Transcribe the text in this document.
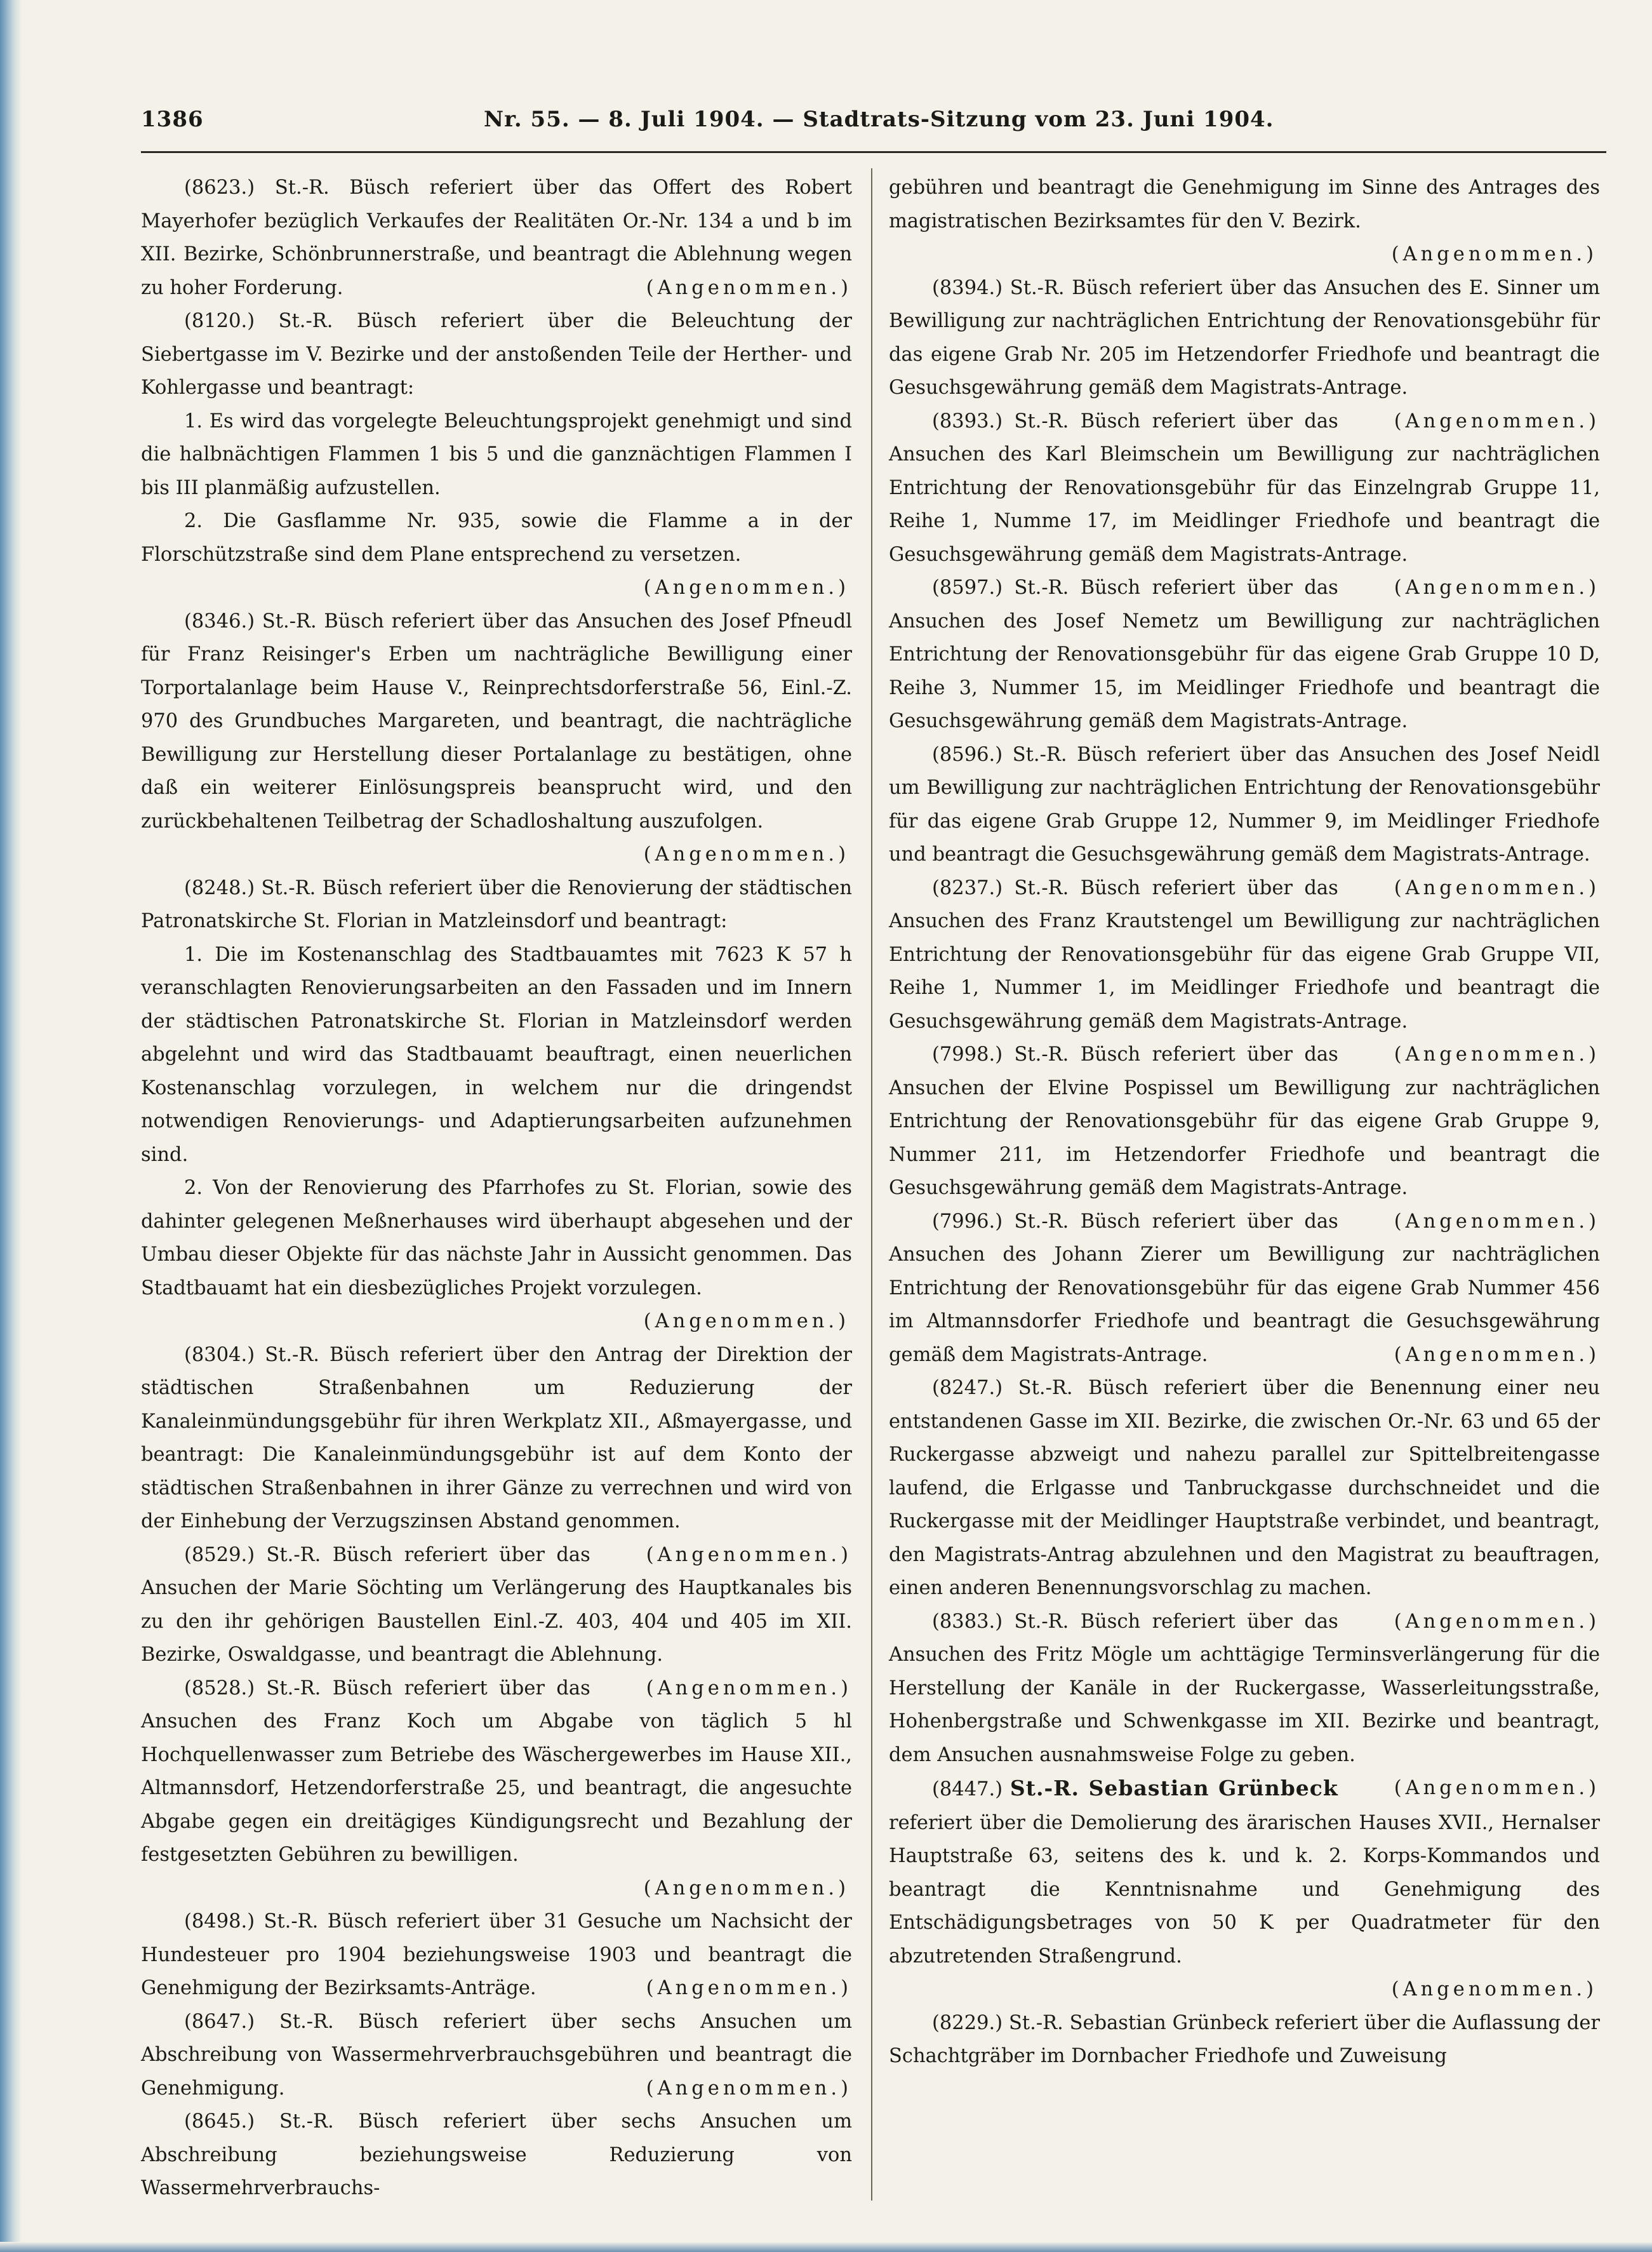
1386	Nr. 55. — 8. Juli 1904. — Stadtrats-Sitzung vom 23. Juni 1904.

(8623.) St.-R. Büsch referiert über das Offert des Robert Mayerhofer bezüglich Verkaufes der Realitäten Or.-Nr. 134 a und b im XII. Bezirke, Schönbrunnerstraße, und beantragt die Ablehnung wegen zu hoher Forderung.	(Angenommen.)

(8120.) St.-R. Büsch referiert über die Beleuchtung der Siebertgasse im V. Bezirke und der anstoßenden Teile der Herther- und Kohlergasse und beantragt:

1. Es wird das vorgelegte Beleuchtungsprojekt genehmigt und sind die halbnächtigen Flammen 1 bis 5 und die ganznächtigen Flammen I bis III planmäßig aufzustellen.

2. Die Gasflamme Nr. 935, sowie die Flamme a in der Florschützstraße sind dem Plane entsprechend zu versetzen.

(Angenommen.)

(8346.) St.-R. Büsch referiert über das Ansuchen des Josef Pfneudl für Franz Reisinger's Erben um nachträgliche Bewilligung einer Torportalanlage beim Hause V., Reinprechtsdorferstraße 56, Einl.-Z. 970 des Grundbuches Margareten, und beantragt, die nachträgliche Bewilligung zur Herstellung dieser Portalanlage zu bestätigen, ohne daß ein weiterer Einlösungspreis beansprucht wird, und den zurückbehaltenen Teilbetrag der Schadloshaltung auszufolgen.

(Angenommen.)

(8248.) St.-R. Büsch referiert über die Renovierung der städtischen Patronatskirche St. Florian in Matzleinsdorf und beantragt:

1. Die im Kostenanschlag des Stadtbauamtes mit 7623 K 57 h veranschlagten Renovierungsarbeiten an den Fassaden und im Innern der städtischen Patronatskirche St. Florian in Matzleinsdorf werden abgelehnt und wird das Stadtbauamt beauftragt, einen neuerlichen Kostenanschlag vorzulegen, in welchem nur die dringendst notwendigen Renovierungs- und Adaptierungsarbeiten aufzunehmen sind.

2. Von der Renovierung des Pfarrhofes zu St. Florian, sowie des dahinter gelegenen Meßnerhauses wird überhaupt abgesehen und der Umbau dieser Objekte für das nächste Jahr in Aussicht genommen. Das Stadtbauamt hat ein diesbezügliches Projekt vorzulegen.

(Angenommen.)

(8304.) St.-R. Büsch referiert über den Antrag der Direktion der städtischen Straßenbahnen um Reduzierung der Kanaleinmündungsgebühr für ihren Werkplatz XII., Aßmayergasse, und beantragt: Die Kanaleinmündungsgebühr ist auf dem Konto der städtischen Straßenbahnen in ihrer Gänze zu verrechnen und wird von der Einhebung der Verzugszinsen Abstand genommen.
(Angenommen.)

(8529.) St.-R. Büsch referiert über das Ansuchen der Marie Söchting um Verlängerung des Hauptkanales bis zu den ihr gehörigen Baustellen Einl.-Z. 403, 404 und 405 im XII. Bezirke, Oswaldgasse, und beantragt die Ablehnung.
(Angenommen.)

(8528.) St.-R. Büsch referiert über das Ansuchen des Franz Koch um Abgabe von täglich 5 hl Hochquellenwasser zum Betriebe des Wäschergewerbes im Hause XII., Altmannsdorf, Hetzendorferstraße 25, und beantragt, die angesuchte Abgabe gegen ein dreitägiges Kündigungsrecht und Bezahlung der festgesetzten Gebühren zu bewilligen.

(Angenommen.)

(8498.) St.-R. Büsch referiert über 31 Gesuche um Nachsicht der Hundesteuer pro 1904 beziehungsweise 1903 und beantragt die Genehmigung der Bezirksamts-Anträge.	(Angenommen.)

(8647.) St.-R. Büsch referiert über sechs Ansuchen um Abschreibung von Wassermehrverbrauchsgebühren und beantragt die Genehmigung.	(Angenommen.)

(8645.) St.-R. Büsch referiert über sechs Ansuchen um Abschreibung beziehungsweise Reduzierung von Wassermehrverbrauchs-

gebühren und beantragt die Genehmigung im Sinne des Antrages des magistratischen Bezirksamtes für den V. Bezirk.

(Angenommen.)

(8394.) St.-R. Büsch referiert über das Ansuchen des E. Sinner um Bewilligung zur nachträglichen Entrichtung der Renovationsgebühr für das eigene Grab Nr. 205 im Hetzendorfer Friedhofe und beantragt die Gesuchsgewährung gemäß dem Magistrats-Antrage.
(Angenommen.)

(8393.) St.-R. Büsch referiert über das Ansuchen des Karl Bleimschein um Bewilligung zur nachträglichen Entrichtung der Renovationsgebühr für das Einzelngrab Gruppe 11, Reihe 1, Numme 17, im Meidlinger Friedhofe und beantragt die Gesuchsgewährung gemäß dem Magistrats-Antrage.
(Angenommen.)

(8597.) St.-R. Büsch referiert über das Ansuchen des Josef Nemetz um Bewilligung zur nachträglichen Entrichtung der Renovationsgebühr für das eigene Grab Gruppe 10 D, Reihe 3, Nummer 15, im Meidlinger Friedhofe und beantragt die Gesuchsgewährung gemäß dem Magistrats-Antrage.

(8596.) St.-R. Büsch referiert über das Ansuchen des Josef Neidl um Bewilligung zur nachträglichen Entrichtung der Renovationsgebühr für das eigene Grab Gruppe 12, Nummer 9, im Meidlinger Friedhofe und beantragt die Gesuchsgewährung gemäß dem Magistrats-Antrage.
(Angenommen.)

(8237.) St.-R. Büsch referiert über das Ansuchen des Franz Krautstengel um Bewilligung zur nachträglichen Entrichtung der Renovationsgebühr für das eigene Grab Gruppe VII, Reihe 1, Nummer 1, im Meidlinger Friedhofe und beantragt die Gesuchsgewährung gemäß dem Magistrats-Antrage.
(Angenommen.)

(7998.) St.-R. Büsch referiert über das Ansuchen der Elvine Pospissel um Bewilligung zur nachträglichen Entrichtung der Renovationsgebühr für das eigene Grab Gruppe 9, Nummer 211, im Hetzendorfer Friedhofe und beantragt die Gesuchsgewährung gemäß dem Magistrats-Antrage.
(Angenommen.)

(7996.) St.-R. Büsch referiert über das Ansuchen des Johann Zierer um Bewilligung zur nachträglichen Entrichtung der Renovationsgebühr für das eigene Grab Nummer 456 im Altmannsdorfer Friedhofe und beantragt die Gesuchsgewährung gemäß dem Magistrats-Antrage.	(Angenommen.)

(8247.) St.-R. Büsch referiert über die Benennung einer neu entstandenen Gasse im XII. Bezirke, die zwischen Or.-Nr. 63 und 65 der Ruckergasse abzweigt und nahezu parallel zur Spittelbreitengasse laufend, die Erlgasse und Tanbruckgasse durchschneidet und die Ruckergasse mit der Meidlinger Hauptstraße verbindet, und beantragt, den Magistrats-Antrag abzulehnen und den Magistrat zu beauftragen, einen anderen Benennungsvorschlag zu machen.
(Angenommen.)

(8383.) St.-R. Büsch referiert über das Ansuchen des Fritz Mögle um achttägige Terminsverlängerung für die Herstellung der Kanäle in der Ruckergasse, Wasserleitungsstraße, Hohenbergstraße und Schwenkgasse im XII. Bezirke und beantragt, dem Ansuchen ausnahmsweise Folge zu geben.
(Angenommen.)

(8447.) St.-R. Sebastian Grünbeck referiert über die Demolierung des ärarischen Hauses XVII., Hernalser Hauptstraße 63, seitens des k. und k. 2. Korps-Kommandos und beantragt die Kenntnisnahme und Genehmigung des Entschädigungsbetrages von 50 K per Quadratmeter für den abzutretenden Straßengrund.

(Angenommen.)

(8229.) St.-R. Sebastian Grünbeck referiert über die Auflassung der Schachtgräber im Dornbacher Friedhofe und Zuweisung
